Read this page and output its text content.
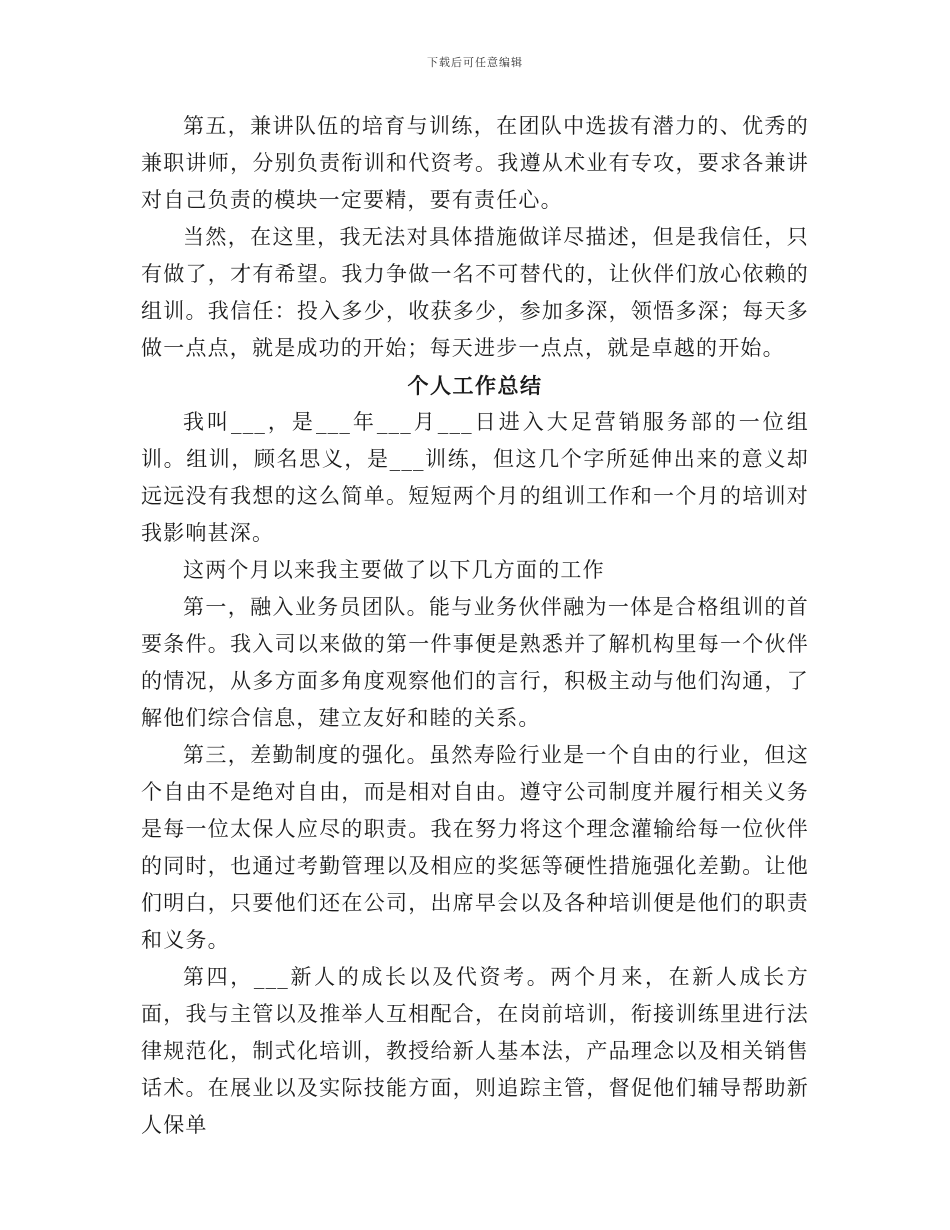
下载后可任意编辑

第五，兼讲队伍的培育与训练，在团队中选拔有潜力的、优秀的兼职讲师，分别负责衔训和代资考。我遵从术业有专攻，要求各兼讲对自己负责的模块一定要精，要有责任心。

当然，在这里，我无法对具体措施做详尽描述，但是我信任，只有做了，才有希望。我力争做一名不可替代的，让伙伴们放心依赖的组训。我信任：投入多少，收获多少，参加多深，领悟多深；每天多做一点点，就是成功的开始；每天进步一点点，就是卓越的开始。

个人工作总结

我叫___，是___年___月___日进入大足营销服务部的一位组训。组训，顾名思义，是___训练，但这几个字所延伸出来的意义却远远没有我想的这么简单。短短两个月的组训工作和一个月的培训对我影响甚深。

这两个月以来我主要做了以下几方面的工作

第一，融入业务员团队。能与业务伙伴融为一体是合格组训的首要条件。我入司以来做的第一件事便是熟悉并了解机构里每一个伙伴的情况，从多方面多角度观察他们的言行，积极主动与他们沟通，了解他们综合信息，建立友好和睦的关系。

第三，差勤制度的强化。虽然寿险行业是一个自由的行业，但这个自由不是绝对自由，而是相对自由。遵守公司制度并履行相关义务是每一位太保人应尽的职责。我在努力将这个理念灌输给每一位伙伴的同时，也通过考勤管理以及相应的奖惩等硬性措施强化差勤。让他们明白，只要他们还在公司，出席早会以及各种培训便是他们的职责和义务。

第四，___新人的成长以及代资考。两个月来，在新人成长方面，我与主管以及推举人互相配合，在岗前培训，衔接训练里进行法律规范化，制式化培训，教授给新人基本法，产品理念以及相关销售话术。在展业以及实际技能方面，则追踪主管，督促他们辅导帮助新人保单
